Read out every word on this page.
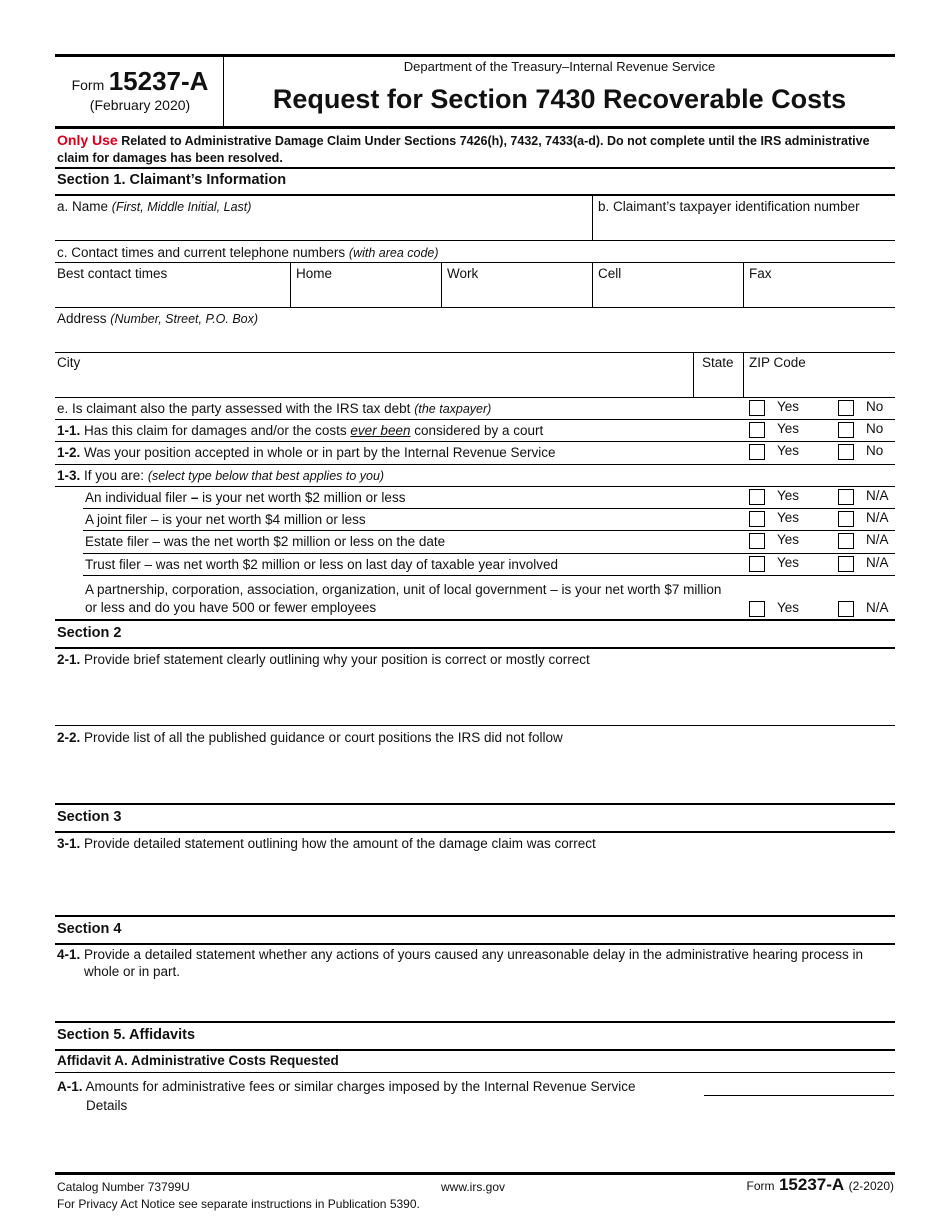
Form 15237-A
(February 2020)
Department of the Treasury–Internal Revenue Service
Request for Section 7430 Recoverable Costs
Only Use Related to Administrative Damage Claim Under Sections 7426(h), 7432, 7433(a-d). Do not complete until the IRS administrative claim for damages has been resolved.
Section 1. Claimant’s Information
a. Name (First, Middle Initial, Last)	b. Claimant’s taxpayer identification number
c. Contact times and current telephone numbers (with area code)
Best contact times	Home	Work	Cell	Fax
Address (Number, Street, P.O. Box)
City	State ZIP Code
e. Is claimant also the party assessed with the IRS tax debt (the taxpayer)	Yes	No
1-1. Has this claim for damages and/or the costs ever been considered by a court	Yes	No
1-2. Was your position accepted in whole or in part by the Internal Revenue Service	Yes	No
1-3. If you are: (select type below that best applies to you)
An individual filer – is your net worth $2 million or less	Yes	N/A
A joint filer – is your net worth $4 million or less	Yes	N/A
Estate filer – was the net worth $2 million or less on the date	Yes	N/A
Trust filer – was net worth $2 million or less on last day of taxable year involved	Yes	N/A
A partnership, corporation, association, organization, unit of local government – is your net worth $7 million
or less and do you have 500 or fewer employees	Yes	N/A
Section 2
2-1. Provide brief statement clearly outlining why your position is correct or mostly correct
2-2. Provide list of all the published guidance or court positions the IRS did not follow
Section 3
3-1. Provide detailed statement outlining how the amount of the damage claim was correct
Section 4
4-1. Provide a detailed statement whether any actions of yours caused any unreasonable delay in the administrative hearing process in
whole or in part.
Section 5. Affidavits
Affidavit A. Administrative Costs Requested
A-1. Amounts for administrative fees or similar charges imposed by the Internal Revenue Service
Details
Catalog Number 73799U	www.irs.gov	Form 15237-A (2-2020)
For Privacy Act Notice see separate instructions in Publication 5390.
